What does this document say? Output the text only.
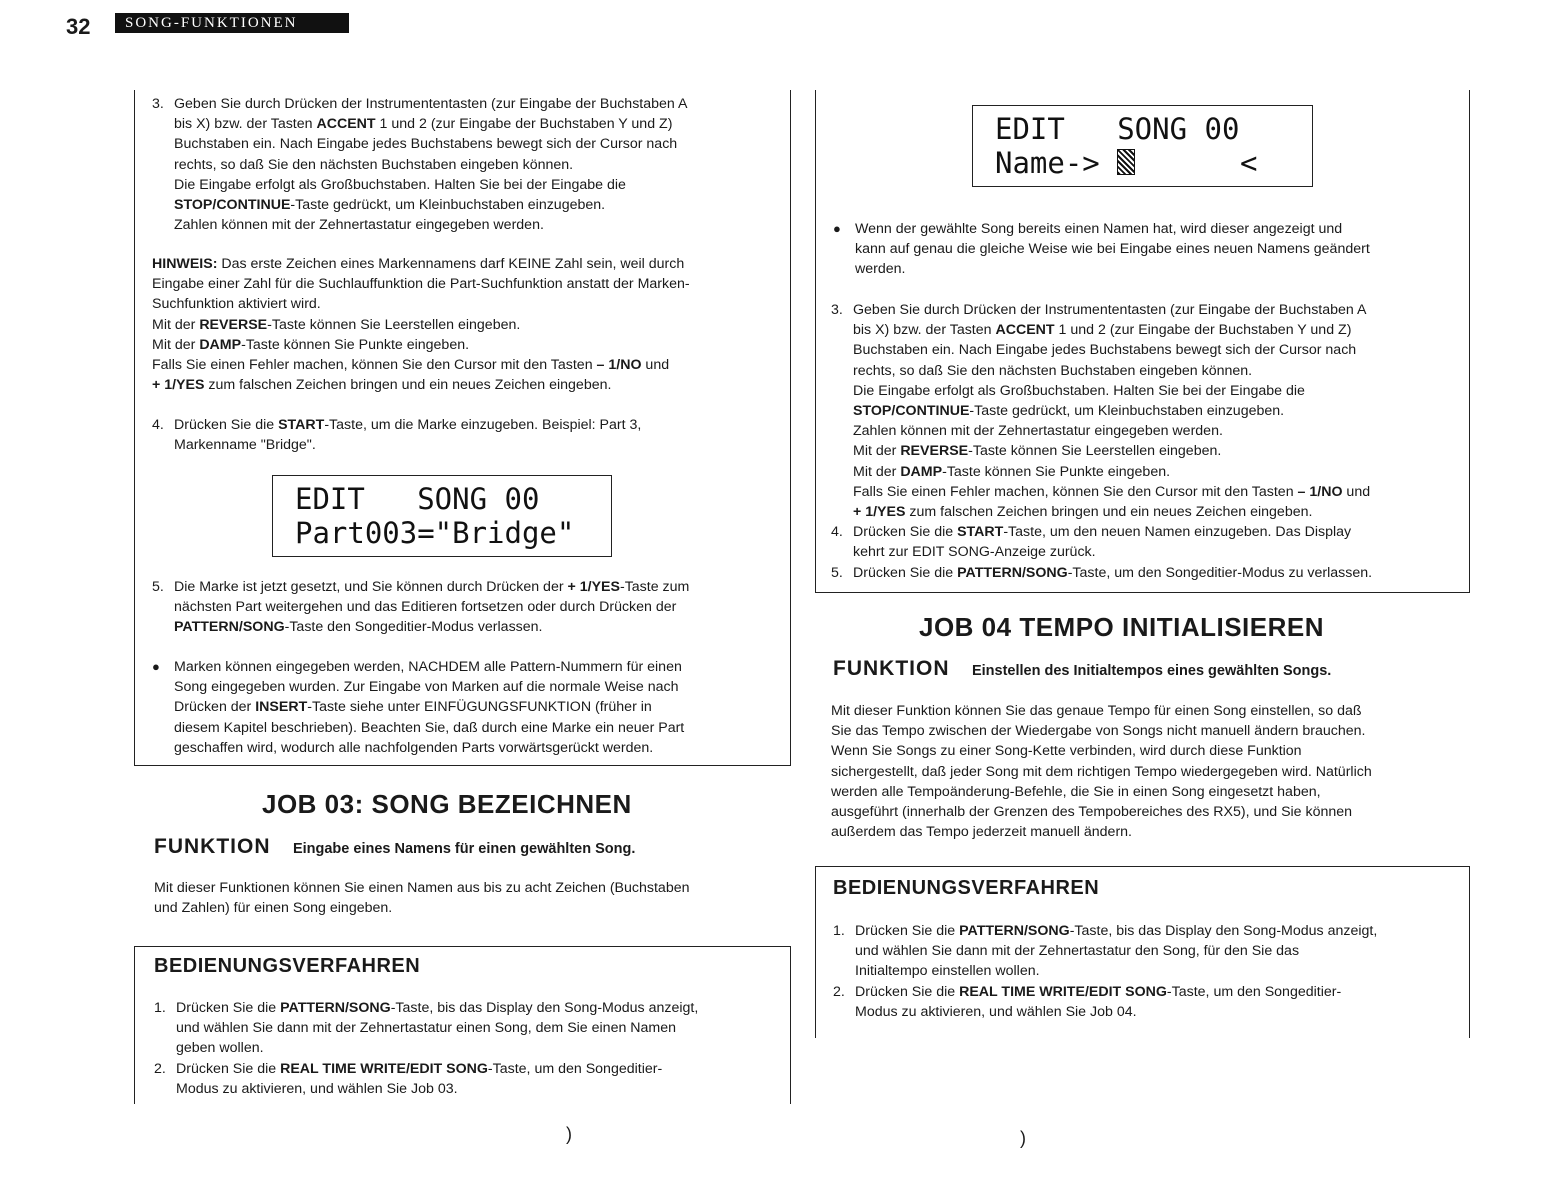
32	SONG-FUNKTIONEN
3. Geben Sie durch Drücken der Instrumententasten (zur Eingabe der Buchstaben A

bis X) bzw. der Tasten ACCENT 1 und 2 (zur Eingabe der Buchstaben Y und Z)

Buchstaben ein. Nach Eingabe jedes Buchstabens bewegt sich der Cursor nach

rechts, so daß Sie den nächsten Buchstaben eingeben können.

Die Eingabe erfolgt als Großbuchstaben. Halten Sie bei der Eingabe die

STOP/CONTINUE-Taste gedrückt, um Kleinbuchstaben einzugeben.

Zahlen können mit der Zehnertastatur eingegeben werden.

HINWEIS: Das erste Zeichen eines Markennamens darf KEINE Zahl sein, weil durch

Eingabe einer Zahl für die Suchlauffunktion die Part-Suchfunktion anstatt der Marken-

Suchfunktion aktiviert wird.

Mit der REVERSE-Taste können Sie Leerstellen eingeben.

Mit der DAMP-Taste können Sie Punkte eingeben.

Falls Sie einen Fehler machen, können Sie den Cursor mit den Tasten – 1/NO und

+ 1/YES zum falschen Zeichen bringen und ein neues Zeichen eingeben.

4. Drücken Sie die START-Taste, um die Marke einzugeben. Beispiel: Part 3,

Markenname "Bridge".

EDIT   SONG 00
Part003="Bridge"
5. Die Marke ist jetzt gesetzt, und Sie können durch Drücken der + 1/YES-Taste zum

nächsten Part weitergehen und das Editieren fortsetzen oder durch Drücken der

PATTERN/SONG-Taste den Songeditier-Modus verlassen.

● Marken können eingegeben werden, NACHDEM alle Pattern-Nummern für einen

Song eingegeben wurden. Zur Eingabe von Marken auf die normale Weise nach

Drücken der INSERT-Taste siehe unter EINFÜGUNGSFUNKTION (früher in

diesem Kapitel beschrieben). Beachten Sie, daß durch eine Marke ein neuer Part

geschaffen wird, wodurch alle nachfolgenden Parts vorwärtsgerückt werden.

JOB 03: SONG BEZEICHNEN
FUNKTION Eingabe eines Namens für einen gewählten Song.

Mit dieser Funktionen können Sie einen Namen aus bis zu acht Zeichen (Buchstaben

und Zahlen) für einen Song eingeben.

BEDIENUNGSVERFAHREN
1. Drücken Sie die PATTERN/SONG-Taste, bis das Display den Song-Modus anzeigt,

und wählen Sie dann mit der Zehnertastatur einen Song, dem Sie einen Namen

geben wollen.

2. Drücken Sie die REAL TIME WRITE/EDIT SONG-Taste, um den Songeditier-

Modus zu aktivieren, und wählen Sie Job 03.

EDIT   SONG 00
Name->       <
● Wenn der gewählte Song bereits einen Namen hat, wird dieser angezeigt und

kann auf genau die gleiche Weise wie bei Eingabe eines neuen Namens geändert

werden.

3. Geben Sie durch Drücken der Instrumententasten (zur Eingabe der Buchstaben A

bis X) bzw. der Tasten ACCENT 1 und 2 (zur Eingabe der Buchstaben Y und Z)

Buchstaben ein. Nach Eingabe jedes Buchstabens bewegt sich der Cursor nach

rechts, so daß Sie den nächsten Buchstaben eingeben können.

Die Eingabe erfolgt als Großbuchstaben. Halten Sie bei der Eingabe die

STOP/CONTINUE-Taste gedrückt, um Kleinbuchstaben einzugeben.

Zahlen können mit der Zehnertastatur eingegeben werden.

Mit der REVERSE-Taste können Sie Leerstellen eingeben.

Mit der DAMP-Taste können Sie Punkte eingeben.

Falls Sie einen Fehler machen, können Sie den Cursor mit den Tasten – 1/NO und

+ 1/YES zum falschen Zeichen bringen und ein neues Zeichen eingeben.

4. Drücken Sie die START-Taste, um den neuen Namen einzugeben. Das Display

kehrt zur EDIT SONG-Anzeige zurück.

5. Drücken Sie die PATTERN/SONG-Taste, um den Songeditier-Modus zu verlassen.

JOB 04 TEMPO INITIALISIEREN
FUNKTION Einstellen des Initialtempos eines gewählten Songs.

Mit dieser Funktion können Sie das genaue Tempo für einen Song einstellen, so daß

Sie das Tempo zwischen der Wiedergabe von Songs nicht manuell ändern brauchen.

Wenn Sie Songs zu einer Song-Kette verbinden, wird durch diese Funktion

sichergestellt, daß jeder Song mit dem richtigen Tempo wiedergegeben wird. Natürlich

werden alle Tempoänderung-Befehle, die Sie in einen Song eingesetzt haben,

ausgeführt (innerhalb der Grenzen des Tempobereiches des RX5), und Sie können

außerdem das Tempo jederzeit manuell ändern.

BEDIENUNGSVERFAHREN
1. Drücken Sie die PATTERN/SONG-Taste, bis das Display den Song-Modus anzeigt,

und wählen Sie dann mit der Zehnertastatur den Song, für den Sie das

Initialtempo einstellen wollen.

2. Drücken Sie die REAL TIME WRITE/EDIT SONG-Taste, um den Songeditier-

Modus zu aktivieren, und wählen Sie Job 04.

)	)
